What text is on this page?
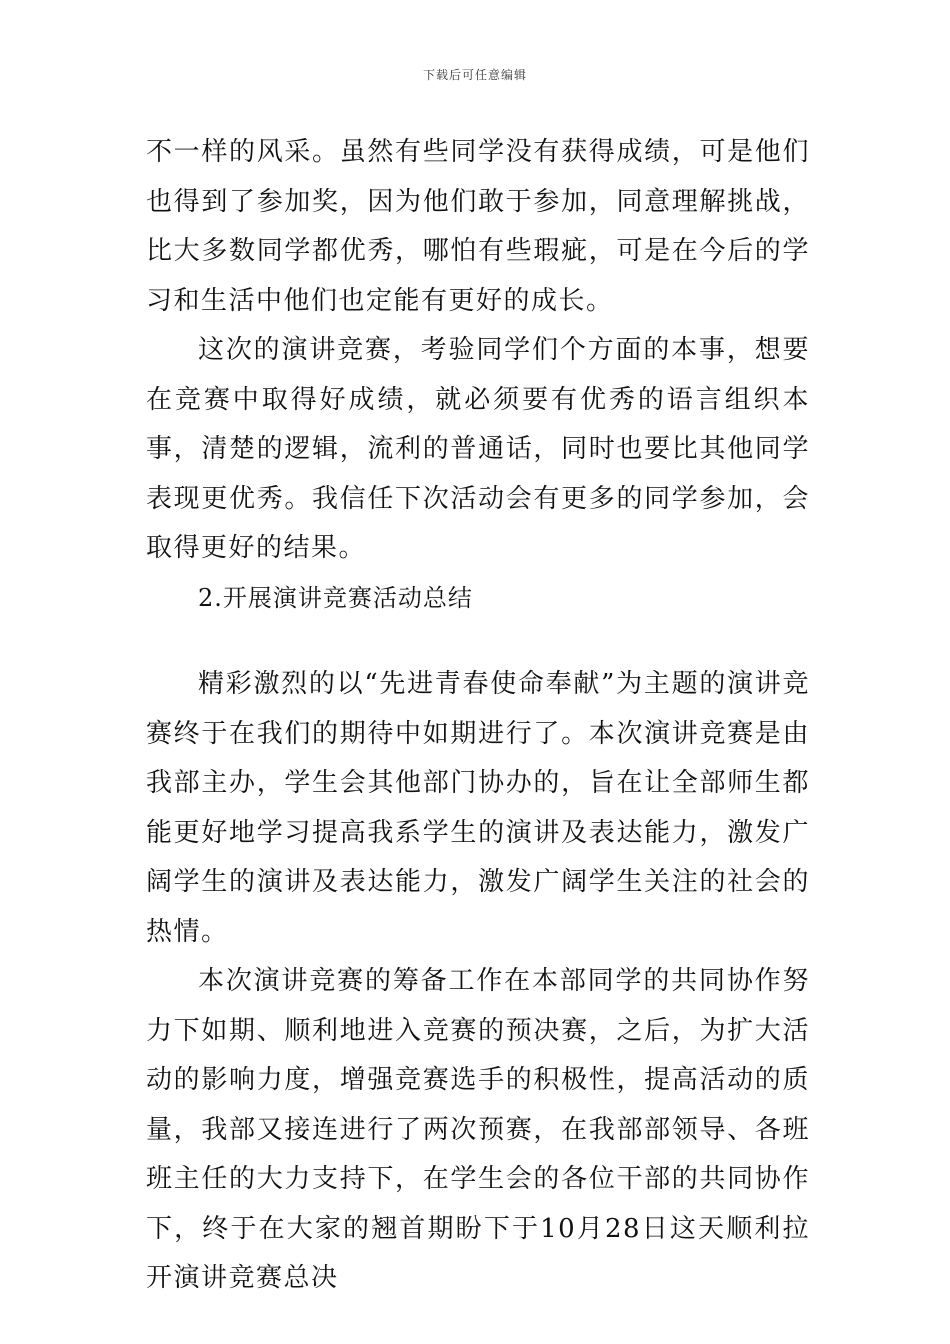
下载后可任意编辑

不一样的风采。虽然有些同学没有获得成绩，可是他们也得到了参加奖，因为他们敢于参加，同意理解挑战，比大多数同学都优秀，哪怕有些瑕疵，可是在今后的学习和生活中他们也定能有更好的成长。

这次的演讲竞赛，考验同学们个方面的本事，想要在竞赛中取得好成绩，就必须要有优秀的语言组织本事，清楚的逻辑，流利的普通话，同时也要比其他同学表现更优秀。我信任下次活动会有更多的同学参加，会取得更好的结果。

2.开展演讲竞赛活动总结

精彩激烈的以“先进青春使命奉献”为主题的演讲竞赛终于在我们的期待中如期进行了。本次演讲竞赛是由我部主办，学生会其他部门协办的，旨在让全部师生都能更好地学习提高我系学生的演讲及表达能力，激发广阔学生的演讲及表达能力，激发广阔学生关注的社会的热情。

本次演讲竞赛的筹备工作在本部同学的共同协作努力下如期、顺利地进入竞赛的预决赛，之后，为扩大活动的影响力度，增强竞赛选手的积极性，提高活动的质量，我部又接连进行了两次预赛，在我部部领导、各班班主任的大力支持下，在学生会的各位干部的共同协作下，终于在大家的翘首期盼下于10月28日这天顺利拉开演讲竞赛总决
